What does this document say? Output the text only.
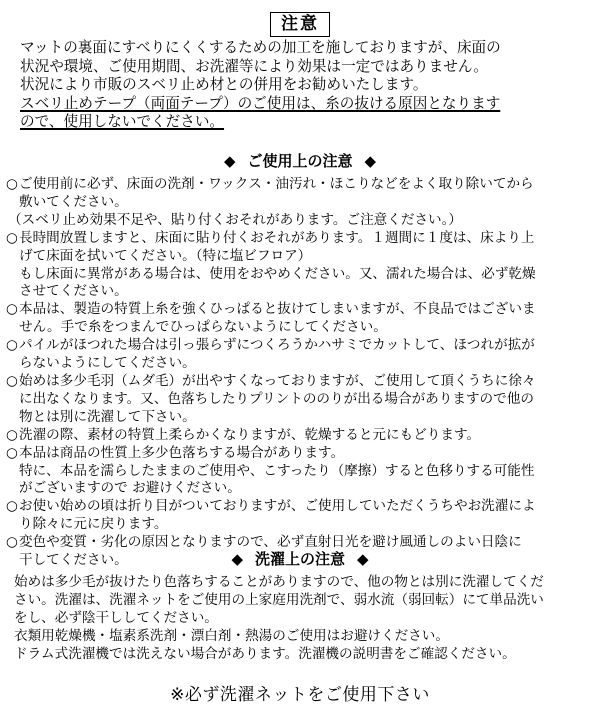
注意
マットの裏面にすべりにくくするための加工を施しておりますが、床面の
状況や環境、ご使用期間、お洗濯等により効果は一定ではありません。
状況により市販のスベリ止め材との併用をお勧めいたします。
スベリ止めテープ（両面テープ）のご使用は、糸の抜ける原因となります
ので、使用しないでください。
◆ ご使用上の注意 ◆
○ ご使用前に必ず、床面の洗剤・ワックス・油汚れ・ほこりなどをよく取り除いてから
敷いてください。
（スベリ止め効果不足や、貼り付くおそれがあります。ご注意ください。）
○ 長時間放置しますと、床面に貼り付くおそれがあります。１週間に１度は、床より上
げて床面を拭いてください。（特に塩ビフロア）
もし床面に異常がある場合は、使用をおやめください。又、濡れた場合は、必ず乾燥
させてください。
○ 本品は、製造の特質上糸を強くひっぱると抜けてしまいますが、不良品ではございま
せん。手で糸をつまんでひっぱらないようにしてください。
○ パイルがほつれた場合は引っ張らずにつくろうかハサミでカットして、ほつれが拡が
らないようにしてください。
○ 始めは多少毛羽（ムダ毛）が出やすくなっておりますが、ご使用して頂くうちに徐々
に出なくなります。又、色落ちしたりプリントののりが出る場合がありますので他の
物とは別に洗濯して下さい。
○ 洗濯の際、素材の特質上柔らかくなりますが、乾燥すると元にもどります。
○ 本品は商品の性質上多少色落ちする場合があります。
特に、本品を濡らしたままのご使用や、こすったり（摩擦）すると色移りする可能性
がございますので お避けください。
○ お使い始めの頃は折り目がついておりますが、ご使用していただくうちやお洗濯によ
り除々に元に戻ります。
○ 変色や変質・劣化の原因となりますので、必ず直射日光を避け風通しのよい日陰に
干してください。	◆ 洗濯上の注意 ◆
始めは多少毛が抜けたり色落ちすることがありますので、他の物とは別に洗濯してくだ
さい。洗濯は、洗濯ネットをご使用の上家庭用洗剤で、弱水流（弱回転）にて単品洗い
をし、必ず陰干ししてください。
衣類用乾燥機・塩素系洗剤・漂白剤・熱湯のご使用はお避けください。
ドラム式洗濯機では洗えない場合があります。洗濯機の説明書をご確認ください。
※必ず洗濯ネットをご使用下さい
